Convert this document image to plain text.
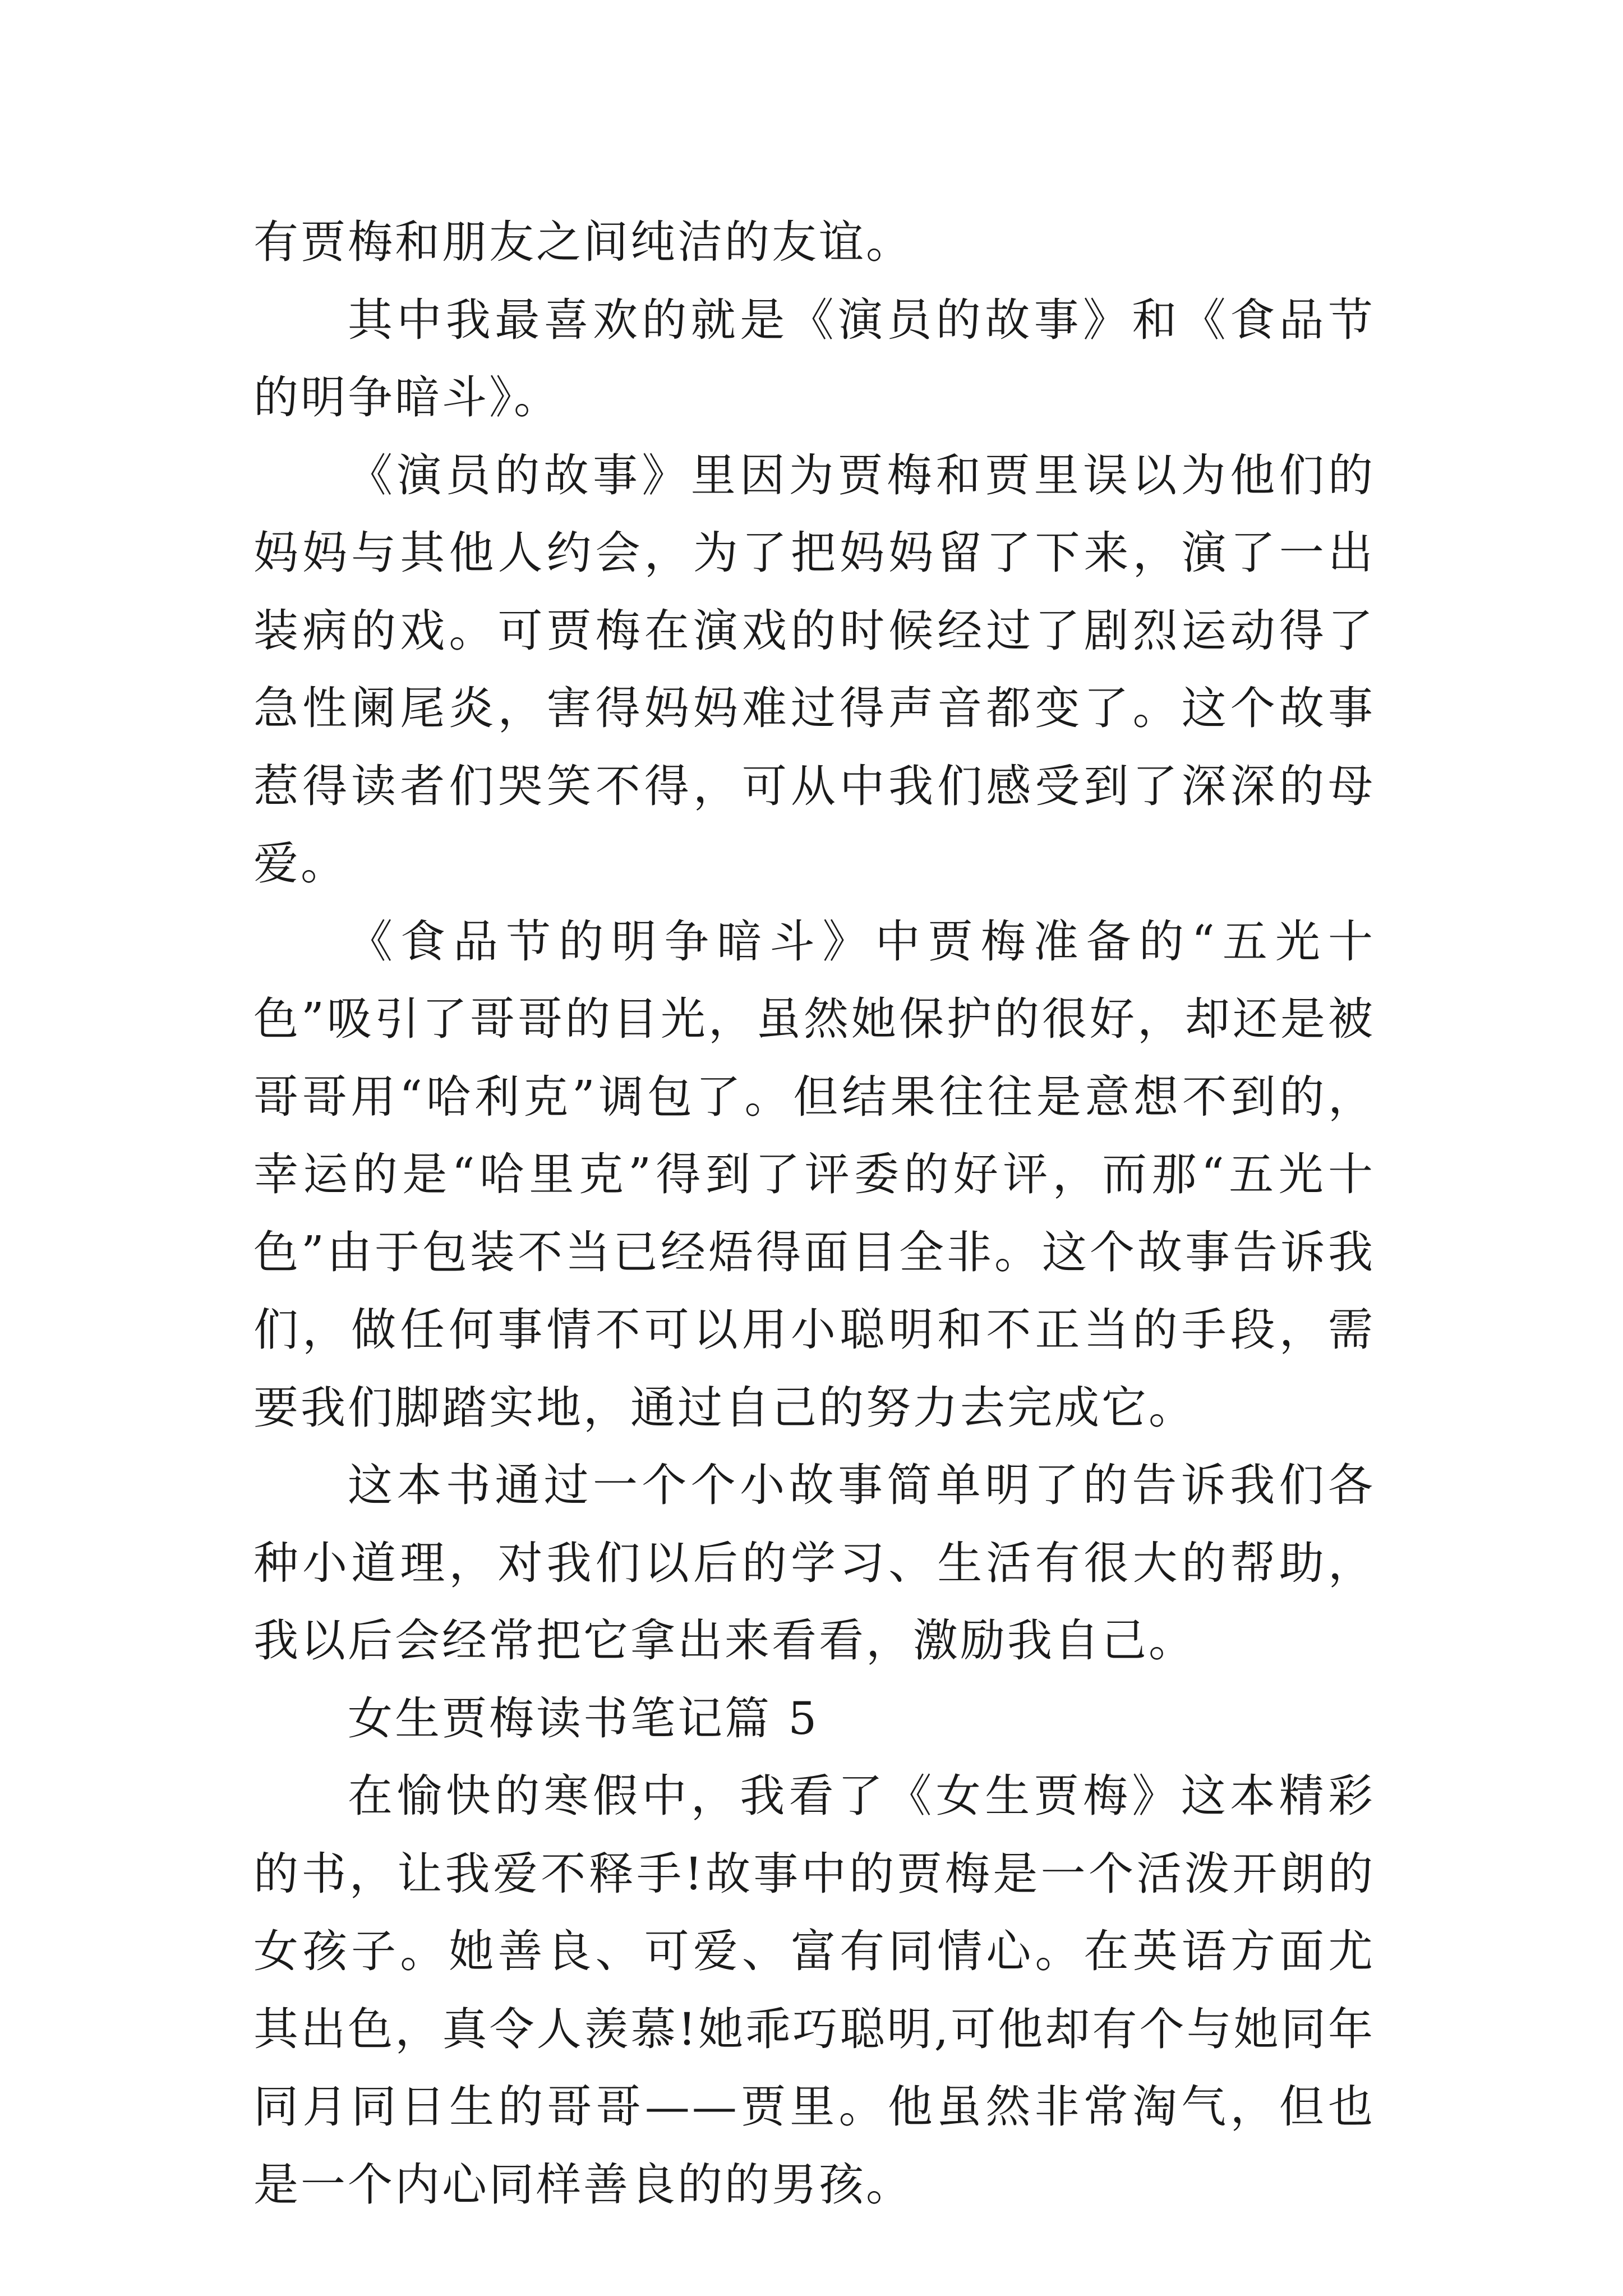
有贾梅和朋友之间纯洁的友谊。

其中我最喜欢的就是《演员的故事》和《食品节的明争暗斗》。

《演员的故事》里因为贾梅和贾里误以为他们的妈妈与其他人约会，为了把妈妈留了下来，演了一出装病的戏。可贾梅在演戏的时候经过了剧烈运动得了急性阑尾炎，害得妈妈难过得声音都变了。这个故事惹得读者们哭笑不得，可从中我们感受到了深深的母爱。

《食品节的明争暗斗》中贾梅准备的“五光十色”吸引了哥哥的目光，虽然她保护的很好，却还是被哥哥用“哈利克”调包了。但结果往往是意想不到的，幸运的是“哈里克”得到了评委的好评，而那“五光十色”由于包装不当已经焐得面目全非。这个故事告诉我们，做任何事情不可以用小聪明和不正当的手段，需要我们脚踏实地，通过自己的努力去完成它。

这本书通过一个个小故事简单明了的告诉我们各种小道理，对我们以后的学习、生活有很大的帮助，我以后会经常把它拿出来看看，激励我自己。

女生贾梅读书笔记篇 5

在愉快的寒假中，我看了《女生贾梅》这本精彩的书，让我爱不释手!故事中的贾梅是一个活泼开朗的女孩子。她善良、可爱、富有同情心。在英语方面尤其出色，真令人羡慕!她乖巧聪明,可他却有个与她同年同月同日生的哥哥——贾里。他虽然非常淘气，但也是一个内心同样善良的的男孩。
